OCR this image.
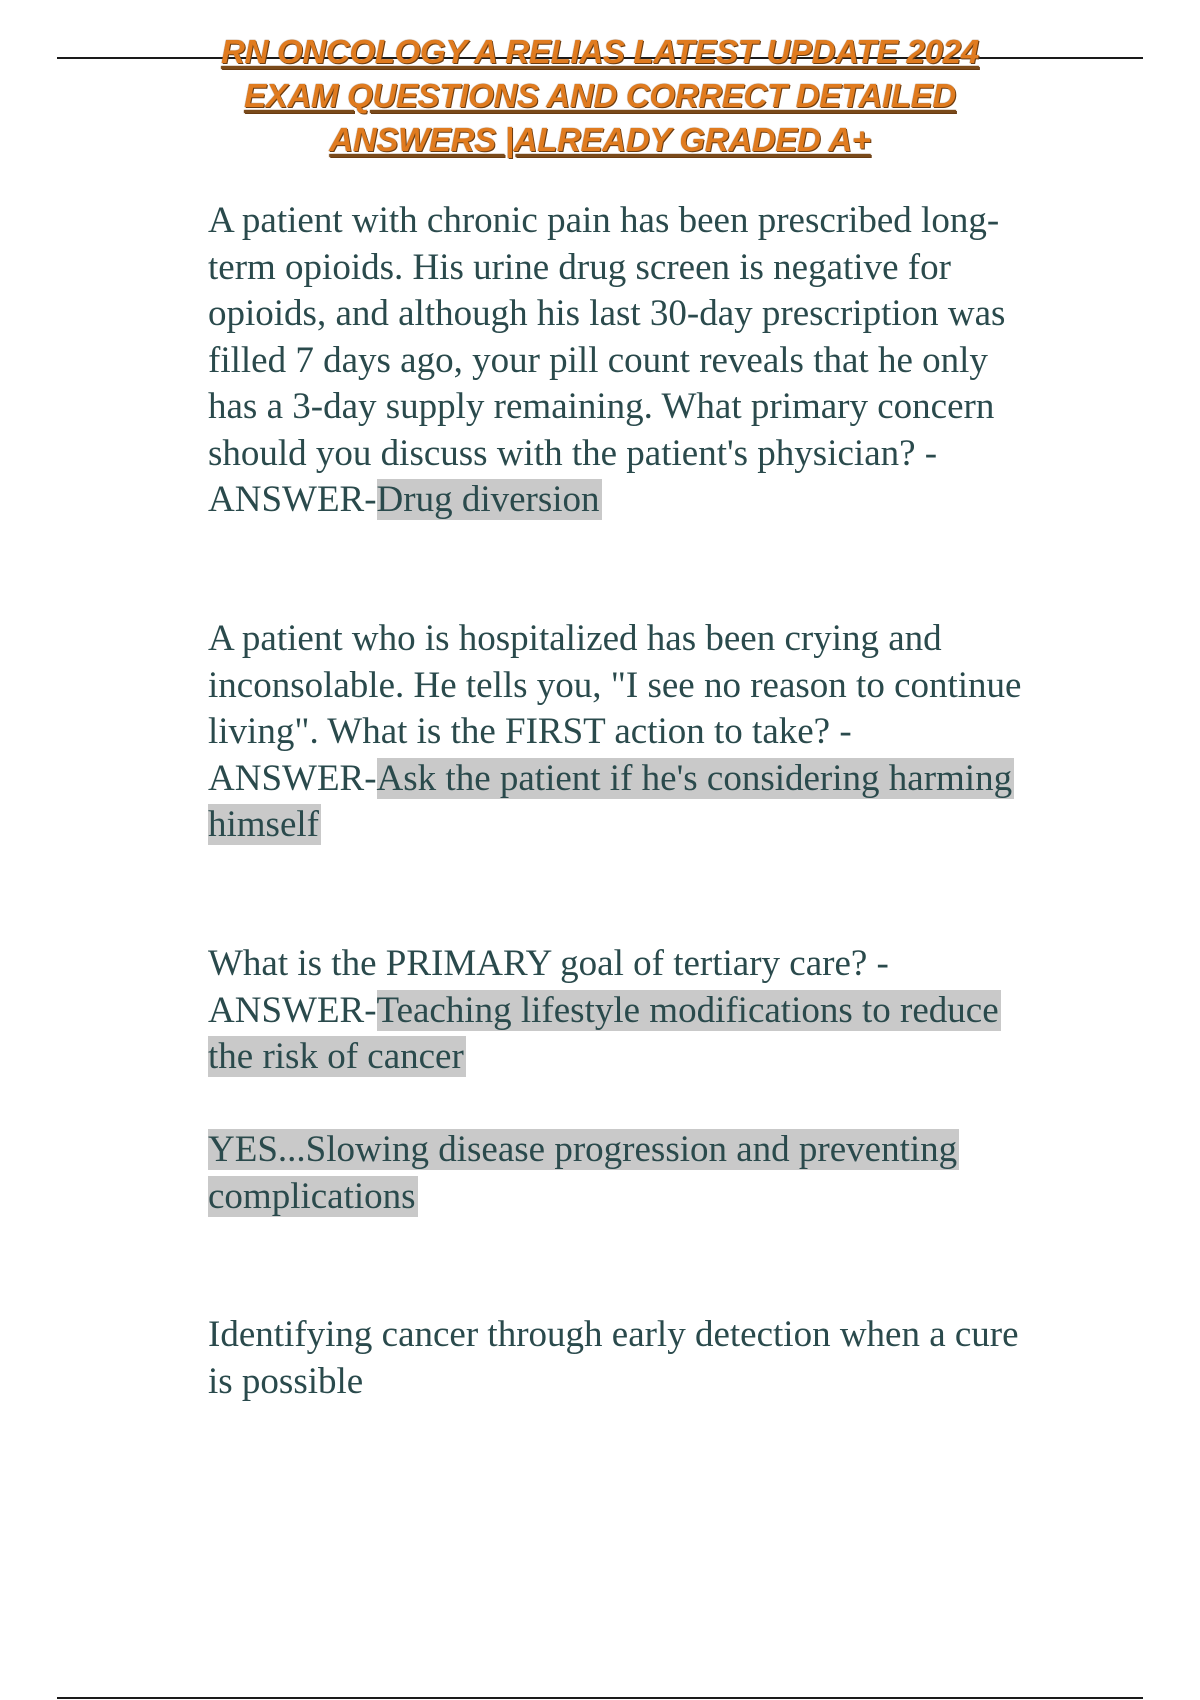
RN ONCOLOGY A RELIAS LATEST UPDATE 2024
EXAM QUESTIONS AND CORRECT DETAILED
ANSWERS |ALREADY GRADED A+
A patient with chronic pain has been prescribed long-
term opioids. His urine drug screen is negative for
opioids, and although his last 30-day prescription was
filled 7 days ago, your pill count reveals that he only
has a 3-day supply remaining. What primary concern
should you discuss with the patient's physician? -
ANSWER-Drug diversion
A patient who is hospitalized has been crying and
inconsolable. He tells you, "I see no reason to continue
living". What is the FIRST action to take? -
ANSWER-Ask the patient if he's considering harming
himself
What is the PRIMARY goal of tertiary care? -
ANSWER-Teaching lifestyle modifications to reduce
the risk of cancer
YES...Slowing disease progression and preventing
complications
Identifying cancer through early detection when a cure
is possible
